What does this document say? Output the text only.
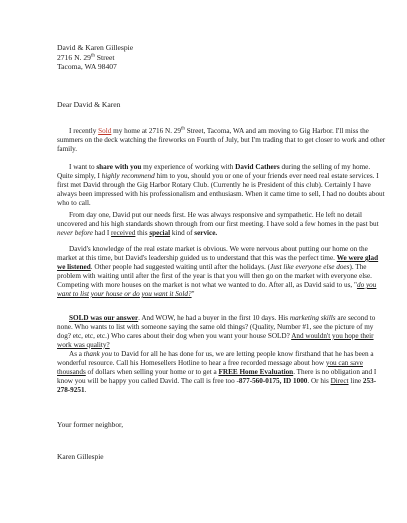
David & Karen Gillespie
2716 N. 29th Street
Tacoma, WA 98407
Dear David & Karen

I recently Sold my home at 2716 N. 29th Street, Tacoma, WA and am moving to Gig Harbor. I'll miss the summers on the deck watching the fireworks on Fourth of July, but I'm trading that to get closer to work and other family.

I want to share with you my experience of working with David Cathers during the selling of my home. Quite simply, I highly recommend him to you, should you or one of your friends ever need real estate services. I first met David through the Gig Harbor Rotary Club. (Currently he is President of this club). Certainly I have always been impressed with his professionalism and enthusiasm. When it came time to sell, I had no doubts about who to call.

From day one, David put our needs first. He was always responsive and sympathetic. He left no detail uncovered and his high standards shown through from our first meeting. I have sold a few homes in the past but never before had I received this special kind of service.

David's knowledge of the real estate market is obvious. We were nervous about putting our home on the market at this time, but David's leadership guided us to understand that this was the perfect time. We were glad we listened. Other people had suggested waiting until after the holidays. (Just like everyone else does). The problem with waiting until after the first of the year is that you will then go on the market with everyone else. Competing with more houses on the market is not what we wanted to do. After all, as David said to us, "do you want to list your house or do you want it Sold?"

SOLD was our answer. And WOW, he had a buyer in the first 10 days. His marketing skills are second to none. Who wants to list with someone saying the same old things? (Quality, Number #1, see the picture of my dog? etc, etc, etc.) Who cares about their dog when you want your house SOLD? And wouldn't you hope their work was quality?

As a thank you to David for all he has done for us, we are letting people know firsthand that he has been a wonderful resource. Call his Homesellers Hotline to hear a free recorded message about how you can save thousands of dollars when selling your home or to get a FREE Home Evaluation. There is no obligation and I know you will be happy you called David. The call is free too -877-560-0175, ID 1000. Or his Direct line 253-278-9251.

Your former neighbor,
Karen Gillespie
